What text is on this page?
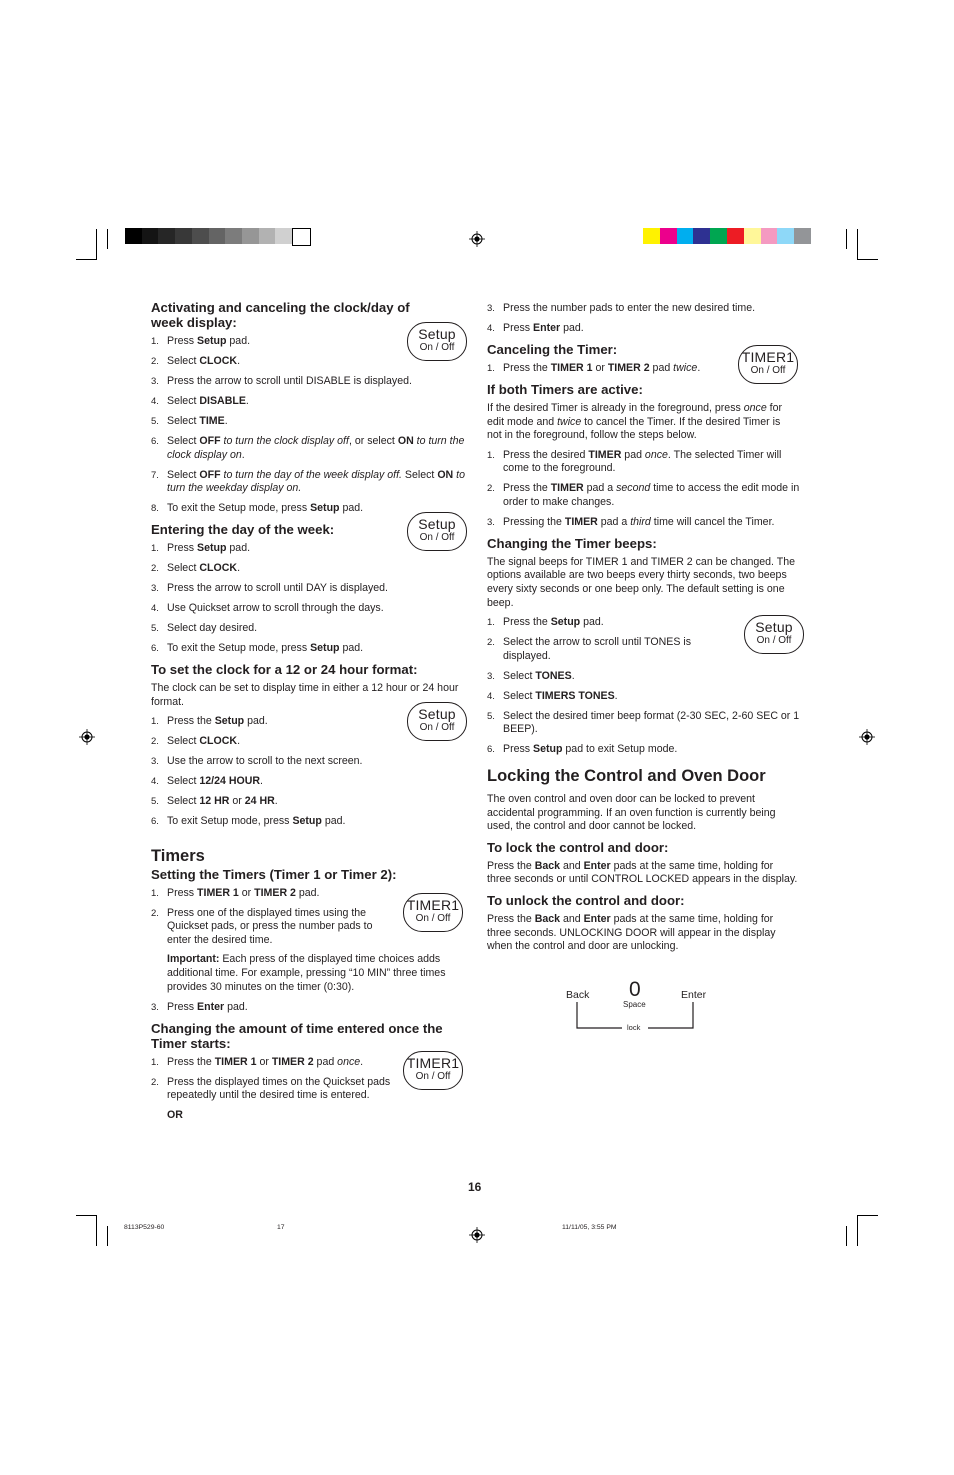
Activating and canceling the clock/day of week display:
1. Press Setup pad.
2. Select CLOCK.
3. Press the arrow to scroll until DISABLE is displayed.
4. Select DISABLE.
5. Select TIME.
6. Select OFF to turn the clock display off, or select ON to turn the clock display on.
7. Select OFF to turn the day of the week display off. Select ON to turn the weekday display on.
8. To exit the Setup mode, press Setup pad.
Entering the day of the week:
1. Press Setup pad.
2. Select CLOCK.
3. Press the arrow to scroll until DAY is displayed.
4. Use Quickset arrow to scroll through the days.
5. Select day desired.
6. To exit the Setup mode, press Setup pad.
To set the clock for a 12 or 24 hour format:
The clock can be set to display time in either a 12 hour or 24 hour format.
1. Press the Setup pad.
2. Select CLOCK.
3. Use the arrow to scroll to the next screen.
4. Select 12/24 HOUR.
5. Select 12 HR or 24 HR.
6. To exit Setup mode, press Setup pad.
Timers
Setting the Timers (Timer 1 or Timer 2):
1. Press TIMER 1 or TIMER 2 pad.
2. Press one of the displayed times using the Quickset pads, or press the number pads to enter the desired time.
Important: Each press of the displayed time choices adds additional time. For example, pressing “10 MIN” three times provides 30 minutes on the timer (0:30).
3. Press Enter pad.
Changing the amount of time entered once the Timer starts:
1. Press the TIMER 1 or TIMER 2 pad once.
2. Press the displayed times on the Quickset pads repeatedly until the desired time is entered.
OR
Setup
On / Off
Setup
On / Off
Setup
On / Off
TIMER1
On / Off
TIMER1
On / Off
3. Press the number pads to enter the new desired time.
4. Press Enter pad.
Canceling the Timer:
1. Press the TIMER 1 or TIMER 2 pad twice.
If both Timers are active:
If the desired Timer is already in the foreground, press once for edit mode and twice to cancel the Timer. If the desired Timer is not in the foreground, follow the steps below.
1. Press the desired TIMER pad once. The selected Timer will come to the foreground.
2. Press the TIMER pad a second time to access the edit mode in order to make changes.
3. Pressing the TIMER pad a third time will cancel the Timer.
Changing the Timer beeps:
The signal beeps for TIMER 1 and TIMER 2 can be changed. The options available are two beeps every thirty seconds, two beeps every sixty seconds or one beep only. The default setting is one beep.
1. Press the Setup pad.
2. Select the arrow to scroll until TONES is displayed.
3. Select TONES.
4. Select TIMERS TONES.
5. Select the desired timer beep format (2-30 SEC, 2-60 SEC or 1 BEEP).
6. Press Setup pad to exit Setup mode.
Locking the Control and Oven Door
The oven control and oven door can be locked to prevent accidental programming. If an oven function is currently being used, the control and door cannot be locked.
To lock the control and door:
Press the Back and Enter pads at the same time, holding for three seconds or until CONTROL LOCKED appears in the display.
To unlock the control and door:
Press the Back and Enter pads at the same time, holding for three seconds. UNLOCKING DOOR will appear in the display when the control and door are unlocking.
TIMER1
On / Off
Setup
On / Off
Back 0
Space
Enter
lock
16
8113P529-60	17	11/11/05, 3:55 PM
